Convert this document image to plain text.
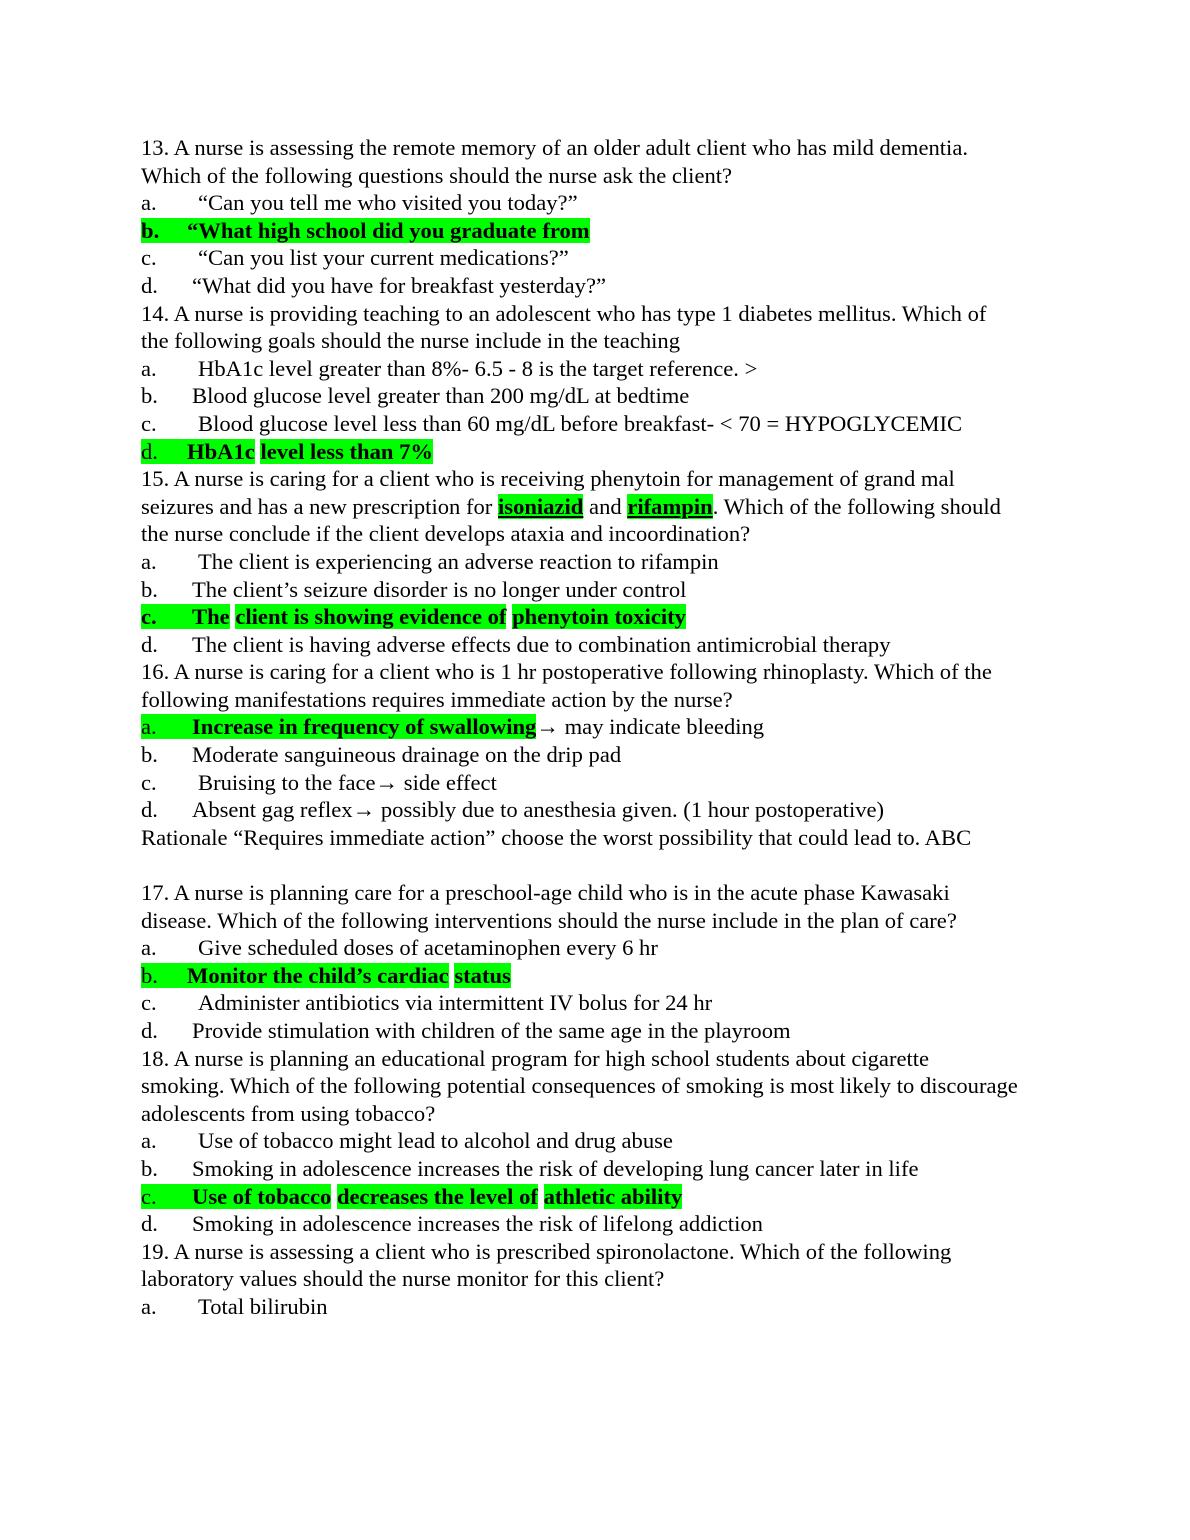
13. A nurse is assessing the remote memory of an older adult client who has mild dementia.
Which of the following questions should the nurse ask the client?
a. “Can you tell me who visited you today?”
b. “What high school did you graduate from
c. “Can you list your current medications?”
d. “What did you have for breakfast yesterday?”
14. A nurse is providing teaching to an adolescent who has type 1 diabetes mellitus. Which of
the following goals should the nurse include in the teaching
a. HbA1c level greater than 8%- 6.5 - 8 is the target reference. >
b. Blood glucose level greater than 200 mg/dL at bedtime
c. Blood glucose level less than 60 mg/dL before breakfast- < 70 = HYPOGLYCEMIC
d. HbA1c level less than 7%
15. A nurse is caring for a client who is receiving phenytoin for management of grand mal
seizures and has a new prescription for isoniazid and rifampin. Which of the following should
the nurse conclude if the client develops ataxia and incoordination?
a. The client is experiencing an adverse reaction to rifampin
b. The client’s seizure disorder is no longer under control
c. The client is showing evidence of phenytoin toxicity
d. The client is having adverse effects due to combination antimicrobial therapy
16. A nurse is caring for a client who is 1 hr postoperative following rhinoplasty. Which of the
following manifestations requires immediate action by the nurse?
a. Increase in frequency of swallowing→ may indicate bleeding
b. Moderate sanguineous drainage on the drip pad
c. Bruising to the face→ side effect
d. Absent gag reflex→ possibly due to anesthesia given. (1 hour postoperative)
Rationale “Requires immediate action” choose the worst possibility that could lead to. ABC
17. A nurse is planning care for a preschool-age child who is in the acute phase Kawasaki
disease. Which of the following interventions should the nurse include in the plan of care?
a. Give scheduled doses of acetaminophen every 6 hr
b. Monitor the child’s cardiac status
c. Administer antibiotics via intermittent IV bolus for 24 hr
d. Provide stimulation with children of the same age in the playroom
18. A nurse is planning an educational program for high school students about cigarette
smoking. Which of the following potential consequences of smoking is most likely to discourage
adolescents from using tobacco?
a. Use of tobacco might lead to alcohol and drug abuse
b. Smoking in adolescence increases the risk of developing lung cancer later in life
c. Use of tobacco decreases the level of athletic ability
d. Smoking in adolescence increases the risk of lifelong addiction
19. A nurse is assessing a client who is prescribed spironolactone. Which of the following
laboratory values should the nurse monitor for this client?
a. Total bilirubin
